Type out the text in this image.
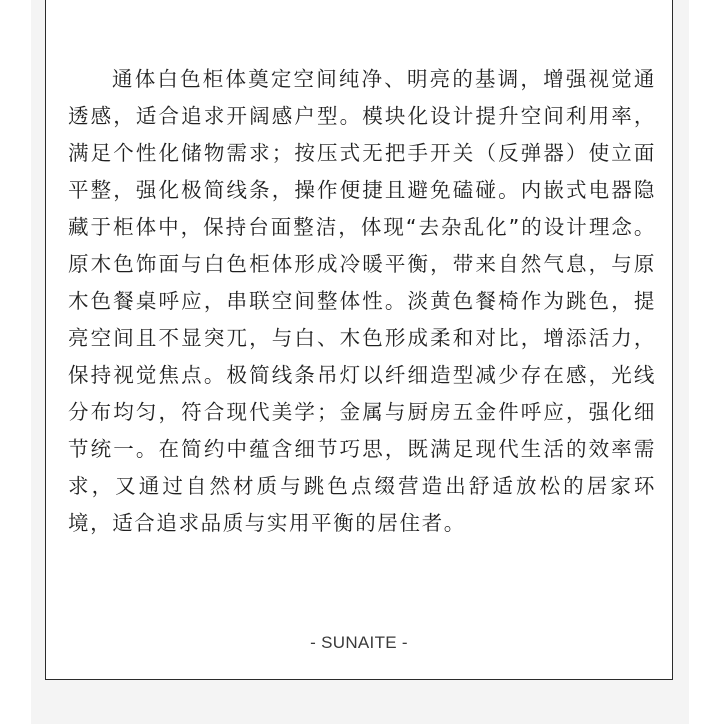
通体白色柜体奠定空间纯净、明亮的基调，增强视觉通透感，适合追求开阔感户型。模块化设计提升空间利用率，满足个性化储物需求；按压式无把手开关（反弹器）使立面平整，强化极简线条，操作便捷且避免磕碰。内嵌式电器隐藏于柜体中，保持台面整洁，体现“去杂乱化”的设计理念。原木色饰面与白色柜体形成冷暖平衡，带来自然气息，与原木色餐桌呼应，串联空间整体性。淡黄色餐椅作为跳色，提亮空间且不显突兀，与白、木色形成柔和对比，增添活力，保持视觉焦点。极简线条吊灯以纤细造型减少存在感，光线分布均匀，符合现代美学；金属与厨房五金件呼应，强化细节统一。在简约中蕴含细节巧思，既满足现代生活的效率需求，又通过自然材质与跳色点缀营造出舒适放松的居家环境，适合追求品质与实用平衡的居住者。

- SUNAITE -
